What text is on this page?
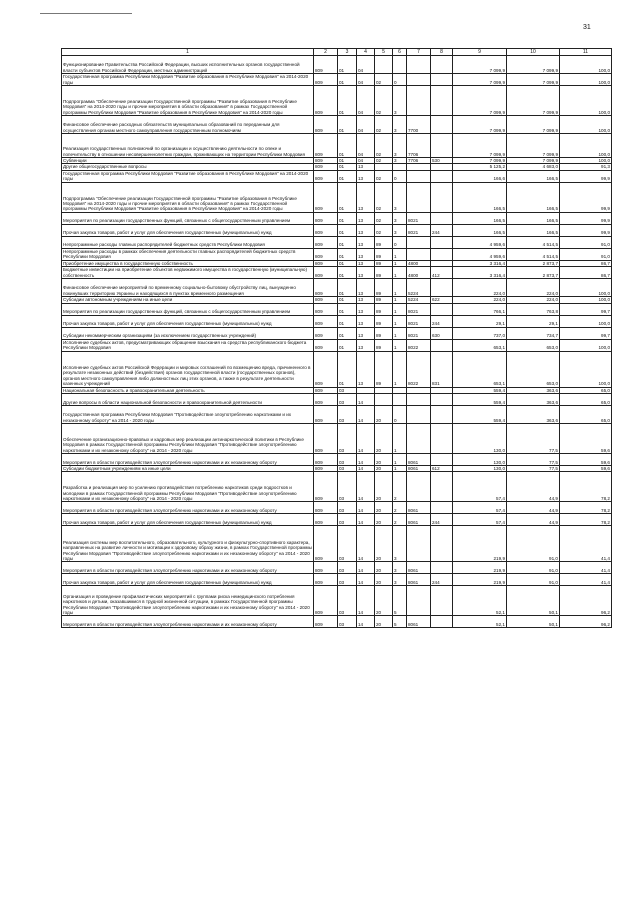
31
1	2	3	4	5	6	7	8	9	10	11
Функционирование Правительства Российской Федерации, высших исполнительных органов государственной власти субъектов Российской Федерации, местных администраций	809	01	04					7 099,9	7 099,9	100,0
Государственная программа Республики Мордовия "Развитие образования в Республике Мордовия" на 2014-2020 годы	809	01	04	02	0			7 099,9	7 099,9	100,0
Подпрограмма "Обеспечение реализации Государственной программы "Развитие образования в Республике Мордовия" на 2014-2020 годы и прочие мероприятия в области образования" в рамках Государственной программы Республики Мордовия "Развитие образования в Республике Мордовия" на 2014-2020 годы	809	01	04	02	3			7 099,9	7 099,9	100,0
Финансовое обеспечение расходных обязательств муниципальных образований по переданным для осуществления органам местного самоуправления государственным полномочиям	809	01	04	02	3	7700		7 099,9	7 099,9	100,0
Реализация государственных полномочий по организации и осуществлению деятельности по опеке и попечительству в отношении несовершеннолетних граждан, проживающих на территории Республики Мордовия	809	01	04	02	3	7706		7 099,9	7 099,9	100,0
Субвенции	809	01	04	02	3	7706	530	7 099,9	7 099,9	100,0
Другие общегосударственные вопросы	809	01	13					5 125,2	4 683,0	91,3
Государственная программа Республики Мордовия "Развитие образования в Республике Мордовия" на 2014-2020 годы	809	01	13	02	0			166,6	166,5	99,9
Подпрограмма "Обеспечение реализации Государственной программы "Развитие образования в Республике Мордовия" на 2014-2020 годы и прочие мероприятия в области образования" в рамках Государственной программы Республики Мордовия "Развитие образования в Республике Мордовия" на 2014-2020 годы	809	01	13	02	3			166,5	166,5	99,9
Мероприятия по реализации государственных функций, связанных с общегосударственным управлением	809	01	13	02	3	8021		166,5	166,5	99,9
Прочая закупка товаров, работ и услуг для обеспечения государственных (муниципальных) нужд	809	01	13	02	3	8021	244	166,5	166,5	99,9
Непрограммные расходы главных распорядителей бюджетных средств Республики Мордовия	809	01	13	89	0			4 959,6	4 514,5	91,0
Непрограммные расходы в рамках обеспечения деятельности главных распорядителей бюджетных средств Республики Мордовия	809	01	13	89	1			4 959,6	4 514,5	91,0
Приобретение имущества в государственную собственность	809	01	13	89	1	4800		3 316,4	2 873,7	86,7
Бюджетные инвестиции на приобретение объектов недвижимого имущества в государственную (муниципальную) собственность	809	01	13	89	1	4800	412	3 316,4	2 873,7	86,7
Финансовое обеспечение мероприятий по временному социально-бытовому обустройству лиц, вынужденно покинувших территорию Украины и находящихся в пунктах временного размещения	809	01	13	89	1	5224		224,0	224,0	100,0
Субсидии автономным учреждениям на иные цели	809	01	13	89	1	5224	622	224,0	224,0	100,0
Мероприятия по реализации государственных функций, связанных с общегосударственным управлением	809	01	13	89	1	8021		766,1	763,8	99,7
Прочая закупка товаров, работ и услуг для обеспечения государственных (муниципальных) нужд	809	01	13	89	1	8021	244	29,1	29,1	100,0
Субсидии некоммерческим организациям (за исключением государственных учреждений)	809	01	13	89	1	8021	630	737,0	734,7	99,7
Исполнение судебных актов, предусматривающих обращение взыскания на средства республиканского бюджета Республики Мордовия	809	01	13	89	1	8022		653,1	653,0	100,0
Исполнение судебных актов Российской Федерации и мировых соглашений по возмещению вреда, причиненного в результате незаконных действий (бездействия) органов государственной власти (государственных органов), органов местного самоуправления либо должностных лиц этих органов, а также в результате деятельности казенных учреждений	809	01	13	89	1	8022	831	653,1	653,0	100,0
Национальная безопасность и правоохранительная деятельность	809	03						559,4	363,6	65,0
Другие вопросы в области национальной безопасности и правоохранительной деятельности	809	03	14					559,4	363,6	65,0
Государственная программа Республики Мордовия "Противодействие злоупотреблению наркотиками и их незаконному обороту" на 2014 - 2020 годы	809	03	14	20	0			559,4	363,6	65,0
Обеспечение организационно-правовых и кадровых мер реализации антинаркотической политики в Республике Мордовия в рамках Государственной программы Республики Мордовия "Противодействие злоупотреблению наркотиками и их незаконному обороту" на 2014 - 2020 годы	809	03	14	20	1			130,0	77,5	59,6
Мероприятия в области противодействия злоупотреблению наркотиками и их незаконному обороту	809	03	14	20	1	8061		130,0	77,5	59,6
Субсидии бюджетным учреждениям на иные цели	809	03	14	20	1	8061	612	130,0	77,5	59,6
Разработка и реализация мер по усилению противодействия потреблению наркотиков среди подростков и молодежи в рамках Государственной программы Республики Мордовия "Противодействие злоупотреблению наркотиками и их незаконному обороту" на 2014 - 2020 годы	809	03	14	20	2			57,4	44,9	78,2
Мероприятия в области противодействия злоупотреблению наркотиками и их незаконному обороту	809	03	14	20	2	8061		57,4	44,9	78,2
Прочая закупка товаров, работ и услуг для обеспечения государственных (муниципальных) нужд	809	03	14	20	2	8061	244	57,4	44,9	78,2
Реализация системы мер воспитательного, образовательного, культурного и физкультурно-спортивного характера, направленных на развитие личности и мотивации к здоровому образу жизни, в рамках Государственной программы Республики Мордовия "Противодействие злоупотреблению наркотиками и их незаконному обороту" на 2014 - 2020 годы	809	03	14	20	3			219,9	91,0	41,4
Мероприятия в области противодействия злоупотреблению наркотиками и их незаконному обороту	809	03	14	20	3	8061		219,9	91,0	41,4
Прочая закупка товаров, работ и услуг для обеспечения государственных (муниципальных) нужд	809	03	14	20	3	8061	244	219,9	91,0	41,4
Организация и проведение профилактических мероприятий с группами риска немедицинского потребления наркотиков и детьми, оказавшимися в трудной жизненной ситуации, в рамках Государственной программы Республики Мордовия "Противодействие злоупотреблению наркотиками и их незаконному обороту" на 2014 - 2020 годы	809	03	14	20	5			52,1	50,1	96,2
Мероприятия в области противодействия злоупотреблению наркотиками и их незаконному обороту	809	03	14	20	5	8061		52,1	50,1	96,2
